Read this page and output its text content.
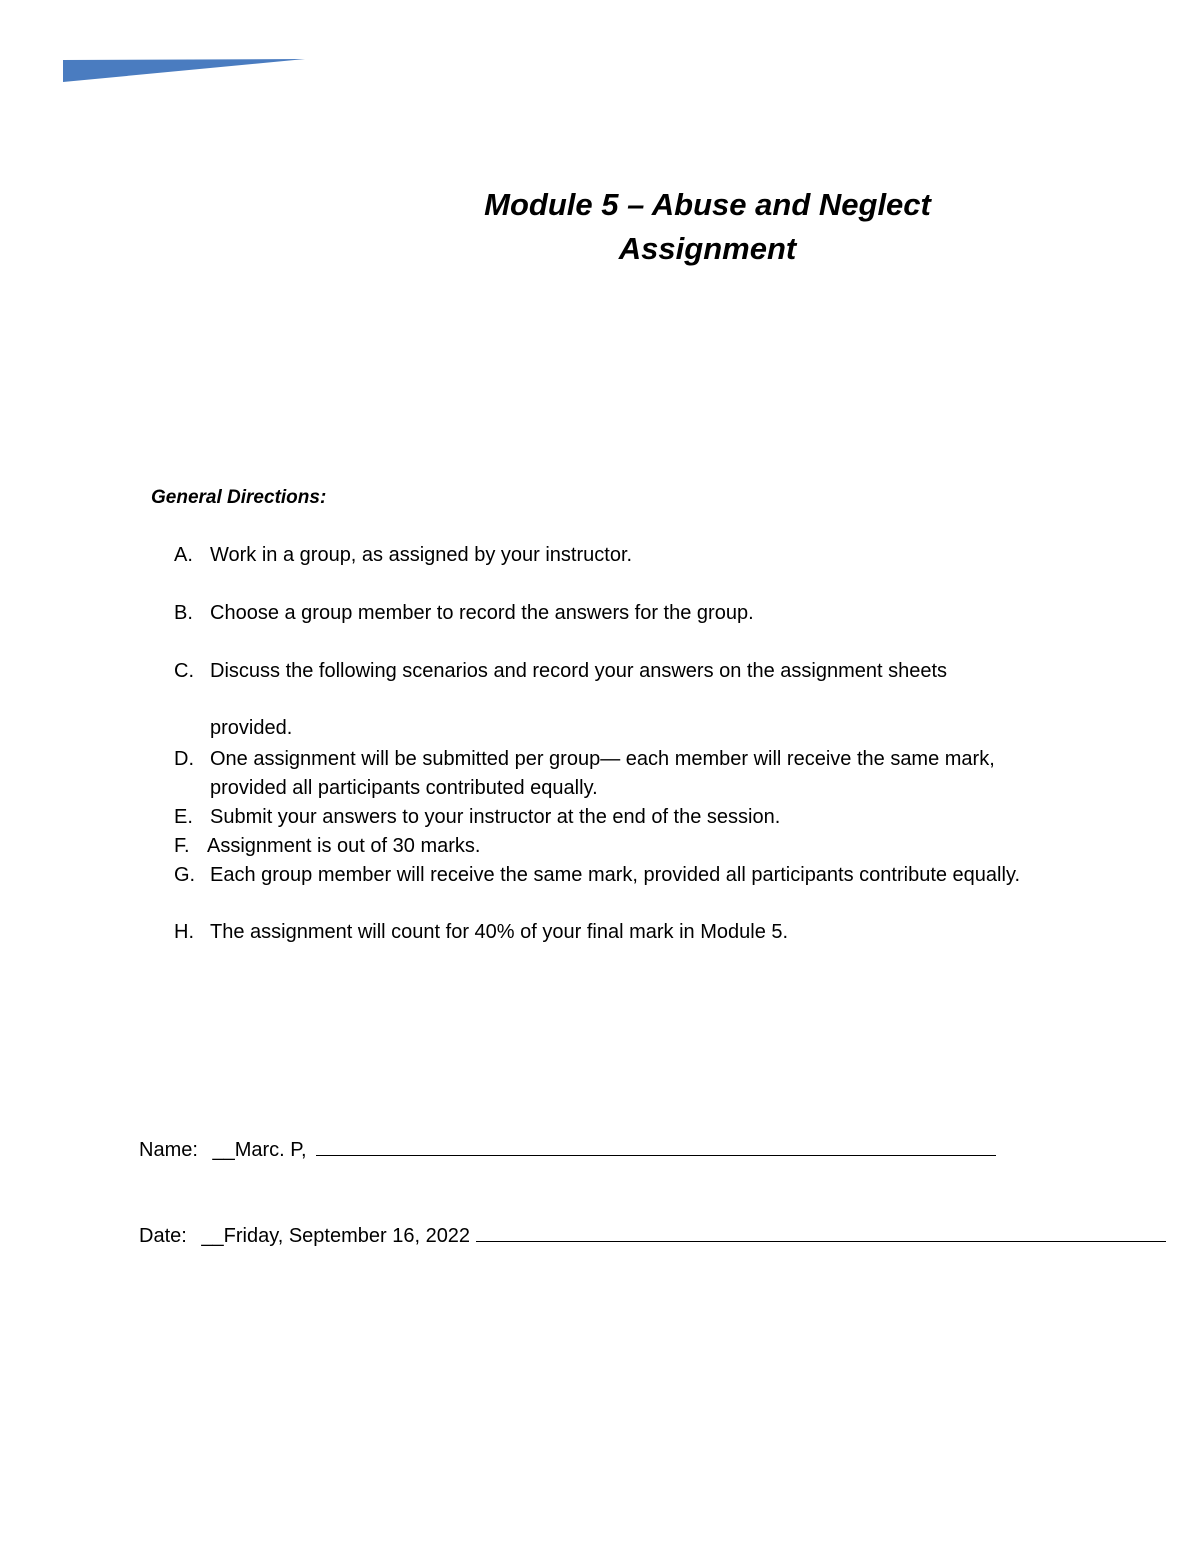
Module 5 – Abuse and Neglect

Assignment

General Directions:

A. Work in a group, as assigned by your instructor.
B. Choose a group member to record the answers for the group.
C. Discuss the following scenarios and record your answers on the assignment sheets
provided.
D. One assignment will be submitted per group— each member will receive the same mark, provided all participants contributed equally.
E. Submit your answers to your instructor at the end of the session.
F. Assignment is out of 30 marks.
G. Each group member will receive the same mark, provided all participants contribute equally.
H. The assignment will count for 40% of your final mark in Module 5.
Name: __Marc. P,
Date: __Friday, September 16, 2022
